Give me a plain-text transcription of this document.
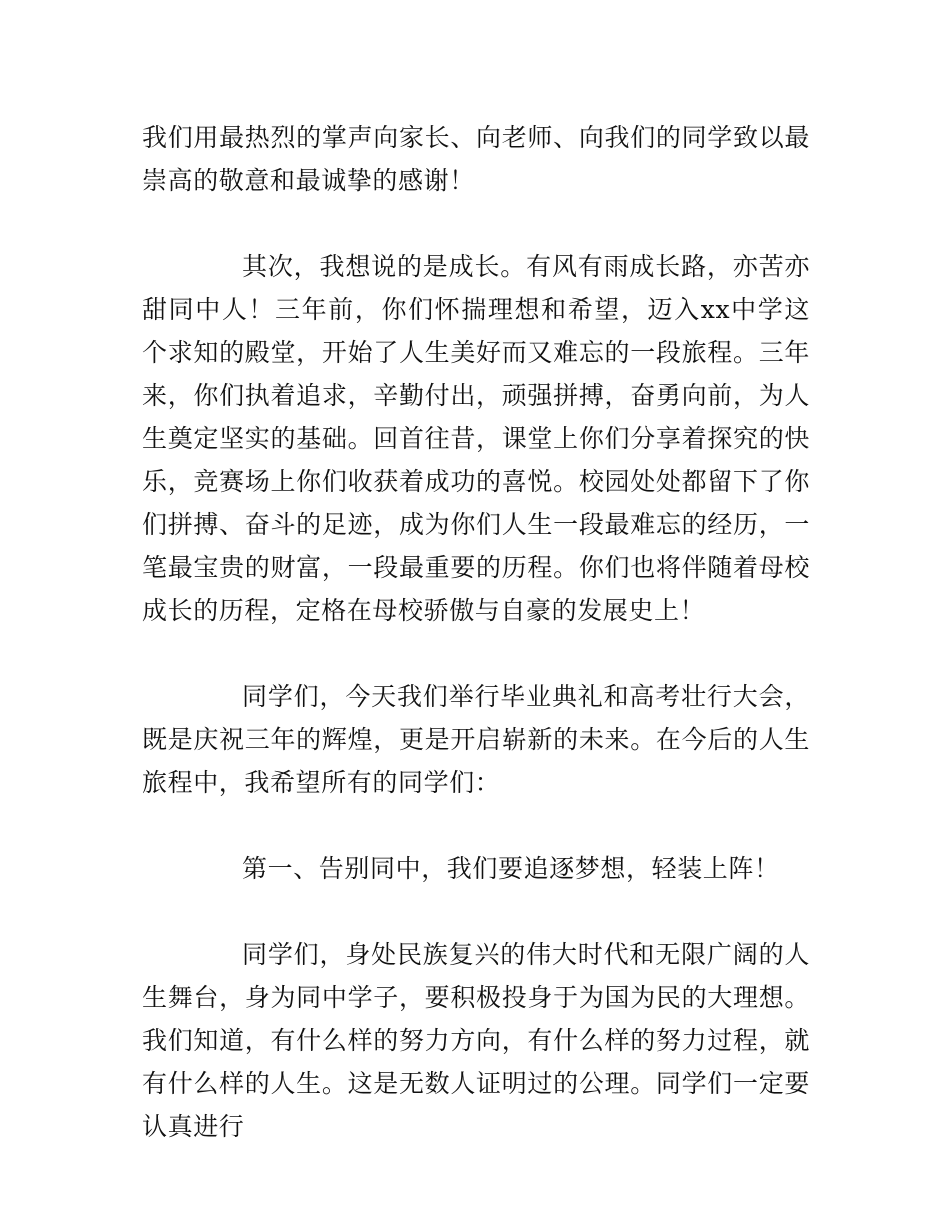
我们用最热烈的掌声向家长、向老师、向我们的同学致以最崇高的敬意和最诚挚的感谢！

其次，我想说的是成长。有风有雨成长路，亦苦亦甜同中人！三年前，你们怀揣理想和希望，迈入xx中学这个求知的殿堂，开始了人生美好而又难忘的一段旅程。三年来，你们执着追求，辛勤付出，顽强拼搏，奋勇向前，为人生奠定坚实的基础。回首往昔，课堂上你们分享着探究的快乐，竞赛场上你们收获着成功的喜悦。校园处处都留下了你们拼搏、奋斗的足迹，成为你们人生一段最难忘的经历，一笔最宝贵的财富，一段最重要的历程。你们也将伴随着母校成长的历程，定格在母校骄傲与自豪的发展史上！

同学们，今天我们举行毕业典礼和高考壮行大会，既是庆祝三年的辉煌，更是开启崭新的未来。在今后的人生旅程中，我希望所有的同学们：

第一、告别同中，我们要追逐梦想，轻装上阵！

同学们，身处民族复兴的伟大时代和无限广阔的人生舞台，身为同中学子，要积极投身于为国为民的大理想。我们知道，有什么样的努力方向，有什么样的努力过程，就有什么样的人生。这是无数人证明过的公理。同学们一定要认真进行
